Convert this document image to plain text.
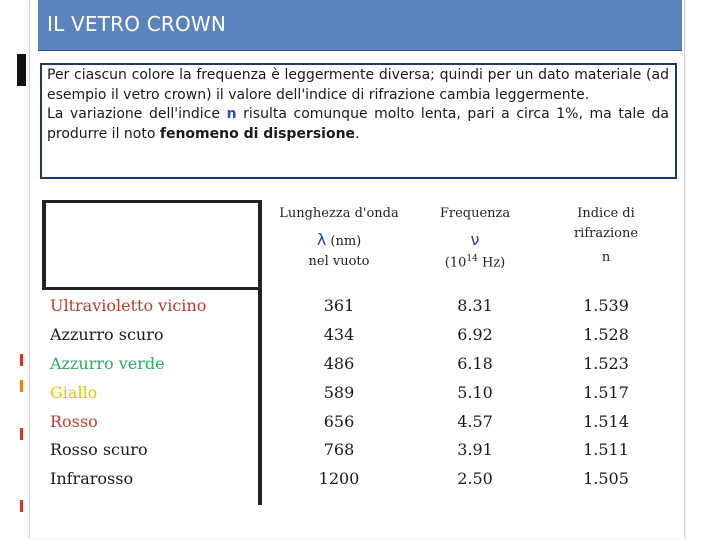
IL VETRO CROWN
Per ciascun colore la frequenza è leggermente diversa; quindi per un dato materiale (ad esempio il vetro crown) il valore dell'indice di rifrazione cambia leggermente.
La variazione dell'indice n risulta comunque molto lenta, pari a circa 1%, ma tale da produrre il noto fenomeno di dispersione.
Lunghezza d'onda
λ (nm)
nel vuoto
Frequenza
ν
($10^{14}$ Hz)
Indice di
rifrazione
n
Ultravioletto vicino	361	8.31	1.539
Azzurro scuro	434	6.92	1.528
Azzurro verde	486	6.18	1.523
Giallo	589	5.10	1.517
Rosso	656	4.57	1.514
Rosso scuro	768	3.91	1.511
Infrarosso	1200	2.50	1.505
